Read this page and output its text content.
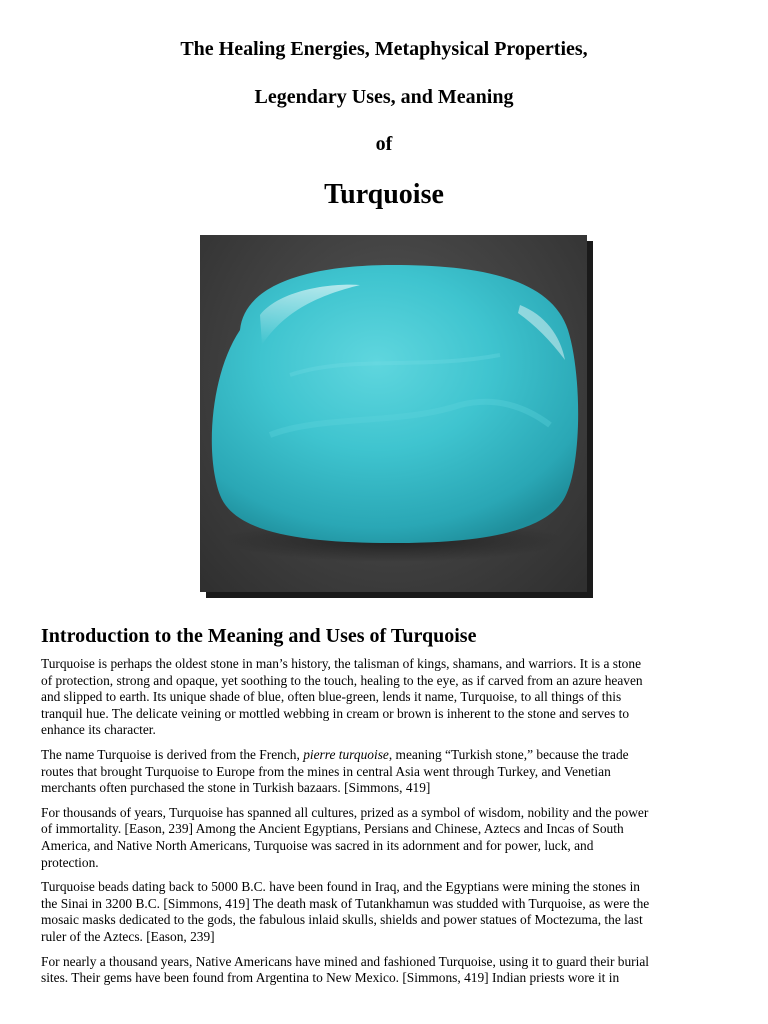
The Healing Energies, Metaphysical Properties,
Legendary Uses, and Meaning
of
Turquoise
Introduction to the Meaning and Uses of Turquoise

Turquoise is perhaps the oldest stone in man’s history, the talisman of kings, shamans, and warriors. It is a stone
of protection, strong and opaque, yet soothing to the touch, healing to the eye, as if carved from an azure heaven
and slipped to earth. Its unique shade of blue, often blue-green, lends it name, Turquoise, to all things of this
tranquil hue. The delicate veining or mottled webbing in cream or brown is inherent to the stone and serves to
enhance its character.

The name Turquoise is derived from the French, pierre turquoise, meaning “Turkish stone,” because the trade
routes that brought Turquoise to Europe from the mines in central Asia went through Turkey, and Venetian
merchants often purchased the stone in Turkish bazaars. [Simmons, 419]

For thousands of years, Turquoise has spanned all cultures, prized as a symbol of wisdom, nobility and the power
of immortality. [Eason, 239] Among the Ancient Egyptians, Persians and Chinese, Aztecs and Incas of South
America, and Native North Americans, Turquoise was sacred in its adornment and for power, luck, and
protection.

Turquoise beads dating back to 5000 B.C. have been found in Iraq, and the Egyptians were mining the stones in
the Sinai in 3200 B.C. [Simmons, 419] The death mask of Tutankhamun was studded with Turquoise, as were the
mosaic masks dedicated to the gods, the fabulous inlaid skulls, shields and power statues of Moctezuma, the last
ruler of the Aztecs. [Eason, 239]

For nearly a thousand years, Native Americans have mined and fashioned Turquoise, using it to guard their burial
sites. Their gems have been found from Argentina to New Mexico. [Simmons, 419] Indian priests wore it in
